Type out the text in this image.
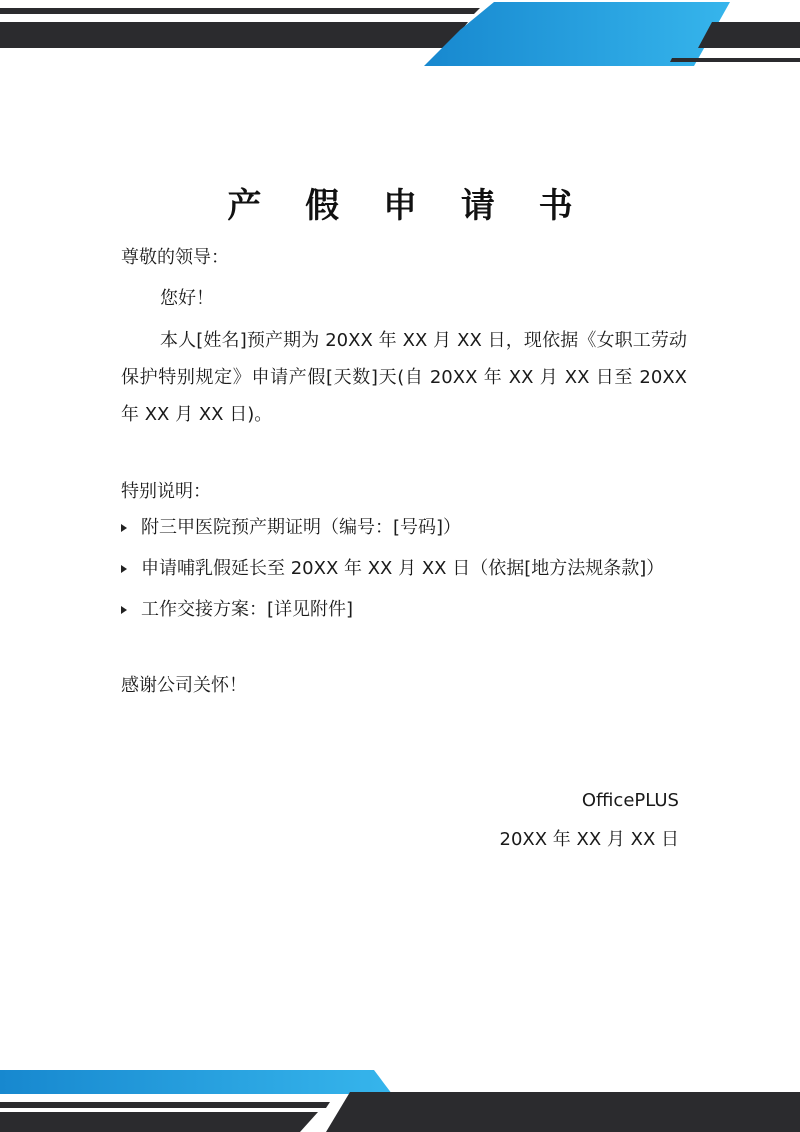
产 假 申 请 书
尊敬的领导：
您好！
本人[姓名]预产期为 20XX 年 XX 月 XX 日，现依据《女职工劳动保护特别规定》申请产假[天数]天(自 20XX 年 XX 月 XX 日至 20XX 年 XX 月 XX 日)。
特别说明：
附三甲医院预产期证明（编号：[号码]）
申请哺乳假延长至 20XX 年 XX 月 XX 日（依据[地方法规条款]）
工作交接方案：[详见附件]
感谢公司关怀！
OfficePLUS
20XX 年 XX 月 XX 日
